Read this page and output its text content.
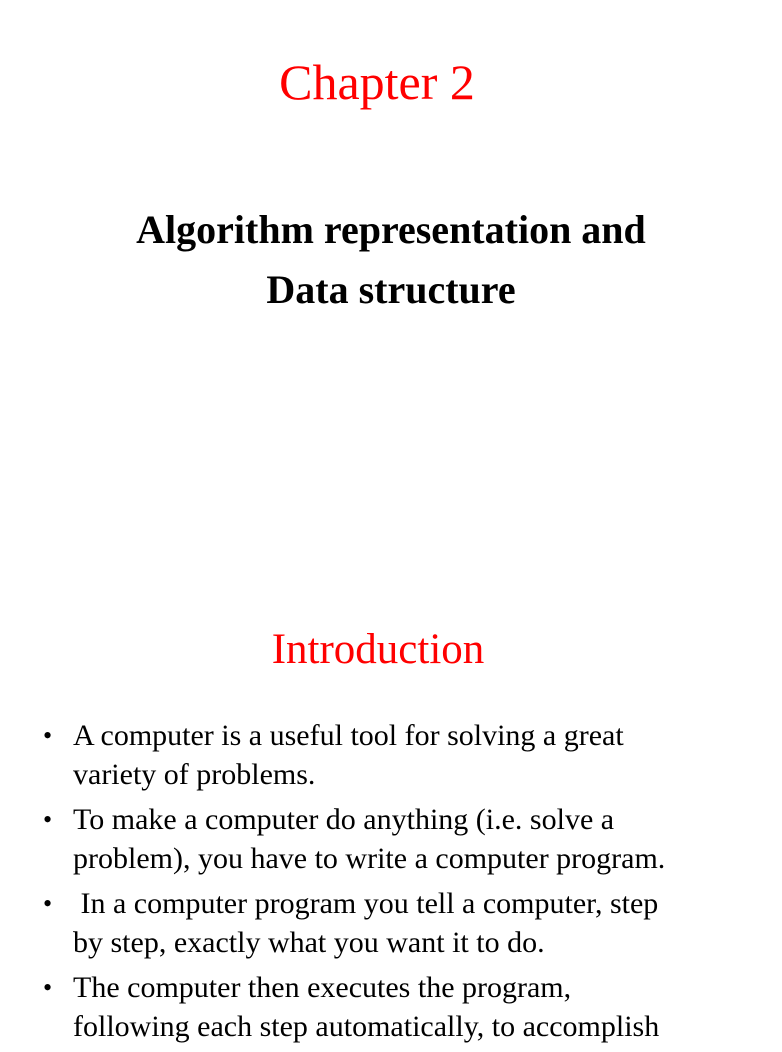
Chapter 2
Algorithm representation and
Data structure
Introduction
• A computer is a useful tool for solving a great
variety of problems.
• To make a computer do anything (i.e. solve a
problem), you have to write a computer program.
• In a computer program you tell a computer, step
by step, exactly what you want it to do.
• The computer then executes the program,
following each step automatically, to accomplish
